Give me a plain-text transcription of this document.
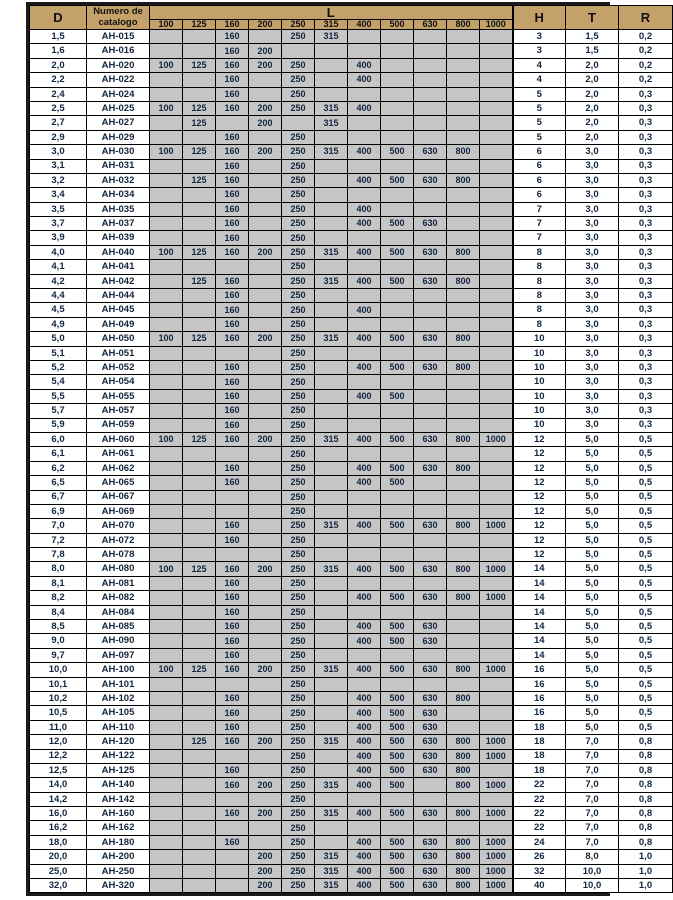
D	Numero de
catalogo	L											H	T	R
		100	125	160	200	250	315	400	500	630	800	1000			
1,5	AH-015			160		250	315						3	1,5	0,2
1,6	AH-016			160	200								3	1,5	0,2
2,0	AH-020	100	125	160	200	250		400					4	2,0	0,2
2,2	AH-022			160		250		400					4	2,0	0,2
2,4	AH-024			160		250							5	2,0	0,3
2,5	AH-025	100	125	160	200	250	315	400					5	2,0	0,3
2,7	AH-027		125		200		315						5	2,0	0,3
2,9	AH-029			160		250							5	2,0	0,3
3,0	AH-030	100	125	160	200	250	315	400	500	630	800		6	3,0	0,3
3,1	AH-031			160		250							6	3,0	0,3
3,2	AH-032		125	160		250		400	500	630	800		6	3,0	0,3
3,4	AH-034			160		250							6	3,0	0,3
3,5	AH-035			160		250		400					7	3,0	0,3
3,7	AH-037			160		250		400	500	630			7	3,0	0,3
3,9	AH-039			160		250							7	3,0	0,3
4,0	AH-040	100	125	160	200	250	315	400	500	630	800		8	3,0	0,3
4,1	AH-041					250							8	3,0	0,3
4,2	AH-042		125	160		250	315	400	500	630	800		8	3,0	0,3
4,4	AH-044			160		250							8	3,0	0,3
4,5	AH-045			160		250		400					8	3,0	0,3
4,9	AH-049			160		250							8	3,0	0,3
5,0	AH-050	100	125	160	200	250	315	400	500	630	800		10	3,0	0,3
5,1	AH-051					250							10	3,0	0,3
5,2	AH-052			160		250		400	500	630	800		10	3,0	0,3
5,4	AH-054			160		250							10	3,0	0,3
5,5	AH-055			160		250		400	500				10	3,0	0,3
5,7	AH-057			160		250							10	3,0	0,3
5,9	AH-059			160		250							10	3,0	0,3
6,0	AH-060	100	125	160	200	250	315	400	500	630	800	1000	12	5,0	0,5
6,1	AH-061					250							12	5,0	0,5
6,2	AH-062			160		250		400	500	630	800		12	5,0	0,5
6,5	AH-065			160		250		400	500				12	5,0	0,5
6,7	AH-067					250							12	5,0	0,5
6,9	AH-069					250							12	5,0	0,5
7,0	AH-070			160		250	315	400	500	630	800	1000	12	5,0	0,5
7,2	AH-072			160		250							12	5,0	0,5
7,8	AH-078					250							12	5,0	0,5
8,0	AH-080	100	125	160	200	250	315	400	500	630	800	1000	14	5,0	0,5
8,1	AH-081			160		250							14	5,0	0,5
8,2	AH-082			160		250		400	500	630	800	1000	14	5,0	0,5
8,4	AH-084			160		250							14	5,0	0,5
8,5	AH-085			160		250		400	500	630			14	5,0	0,5
9,0	AH-090			160		250		400	500	630			14	5,0	0,5
9,7	AH-097			160		250							14	5,0	0,5
10,0	AH-100	100	125	160	200	250	315	400	500	630	800	1000	16	5,0	0,5
10,1	AH-101					250							16	5,0	0,5
10,2	AH-102			160		250		400	500	630	800		16	5,0	0,5
10,5	AH-105			160		250		400	500	630			16	5,0	0,5
11,0	AH-110			160		250		400	500	630			18	5,0	0,5
12,0	AH-120		125	160	200	250	315	400	500	630	800	1000	18	7,0	0,8
12,2	AH-122					250		400	500	630	800	1000	18	7,0	0,8
12,5	AH-125			160		250		400	500	630	800		18	7,0	0,8
14,0	AH-140			160	200	250	315	400	500		800	1000	22	7,0	0,8
14,2	AH-142					250							22	7,0	0,8
16,0	AH-160			160	200	250	315	400	500	630	800	1000	22	7,0	0,8
16,2	AH-162					250							22	7,0	0,8
18,0	AH-180			160		250		400	500	630	800	1000	24	7,0	0,8
20,0	AH-200				200	250	315	400	500	630	800	1000	26	8,0	1,0
25,0	AH-250				200	250	315	400	500	630	800	1000	32	10,0	1,0
32,0	AH-320				200	250	315	400	500	630	800	1000	40	10,0	1,0
